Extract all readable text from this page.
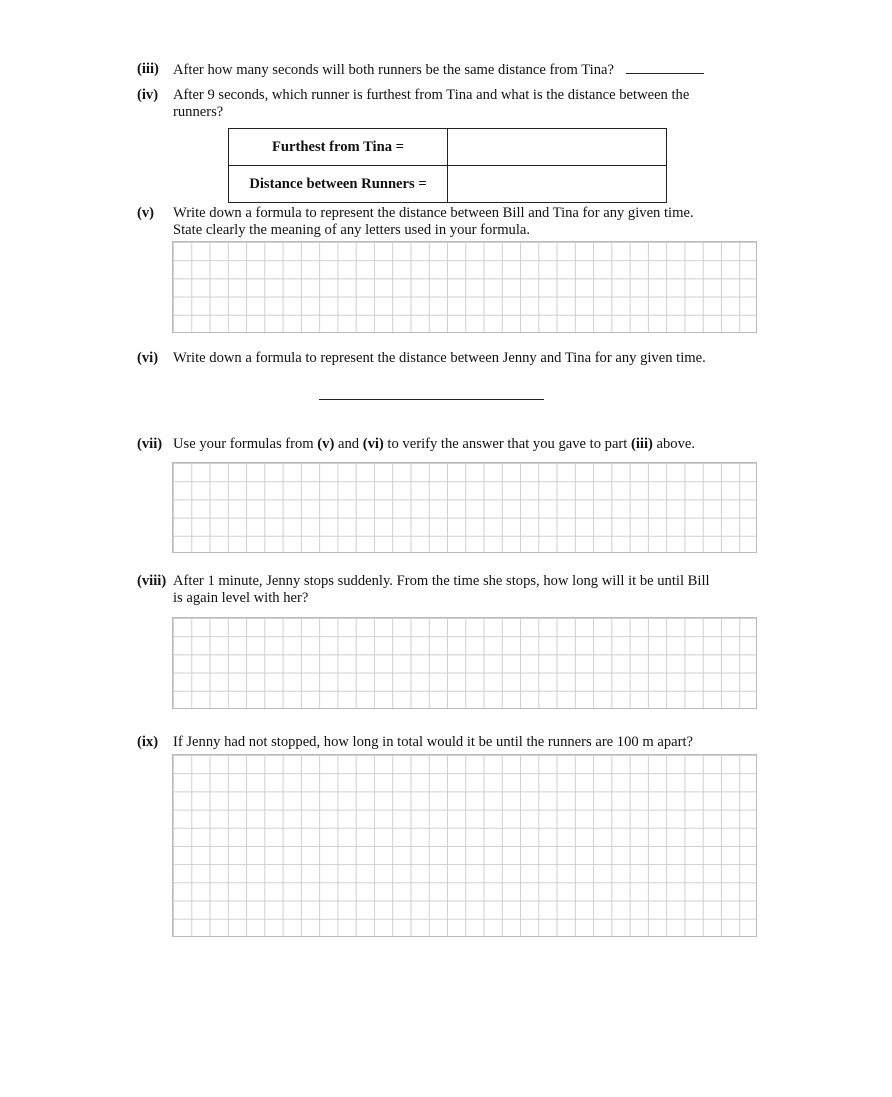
(iii) After how many seconds will both runners be the same distance from Tina?
(iv) After 9 seconds, which runner is furthest from Tina and what is the distance between the
runners?
Furthest from Tina =	
Distance between Runners =	
(v) Write down a formula to represent the distance between Bill and Tina for any given time.
State clearly the meaning of any letters used in your formula.
(vi) Write down a formula to represent the distance between Jenny and Tina for any given time.
(vii) Use your formulas from (v) and (vi) to verify the answer that you gave to part (iii) above.
(viii) After 1 minute, Jenny stops suddenly. From the time she stops, how long will it be until Bill
is again level with her?
(ix) If Jenny had not stopped, how long in total would it be until the runners are 100 m apart?
